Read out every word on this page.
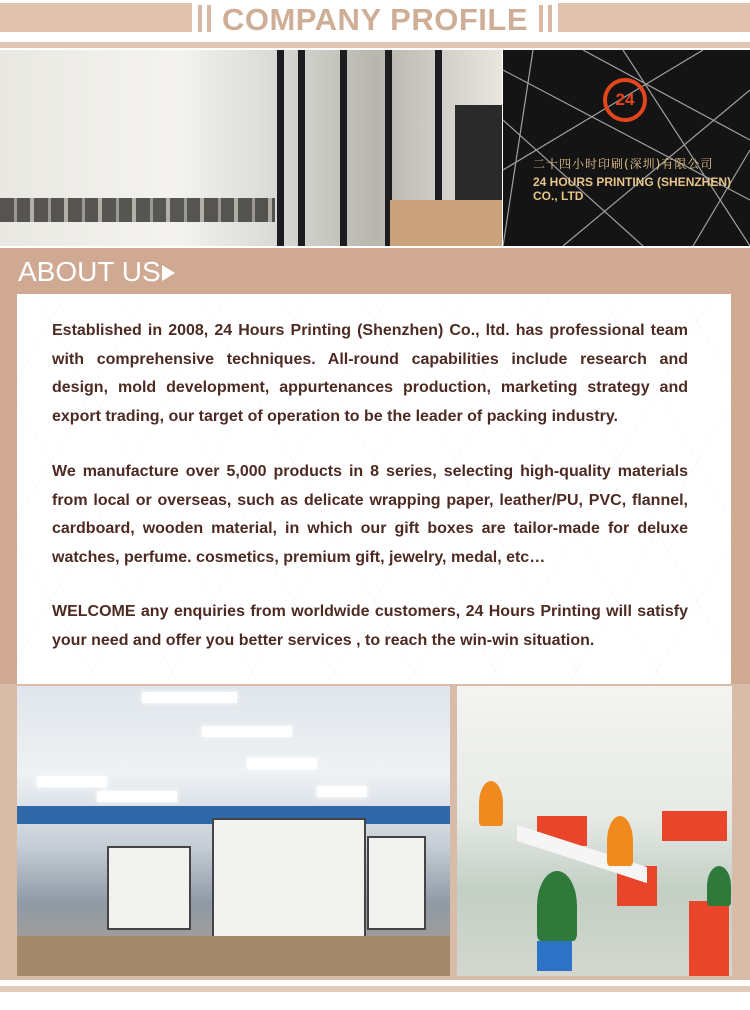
COMPANY PROFILE
24
二十四小时印刷(深圳)有限公司
24 HOURS PRINTING (SHENZHEN) CO., LTD
ABOUT US
Established in 2008, 24 Hours Printing (Shenzhen) Co., ltd. has professional team with comprehensive techniques. All-round capabilities include research and design, mold development, appurtenances production, marketing strategy and export trading, our target of operation to be the leader of packing industry.
We manufacture over 5,000 products in 8 series, selecting high-quality materials from local or overseas, such as delicate wrapping paper, leather/PU, PVC, flannel, cardboard, wooden material, in which our gift boxes are tailor-made for deluxe watches, perfume. cosmetics, premium gift, jewelry, medal, etc…
WELCOME any enquiries from worldwide customers, 24 Hours Printing will satisfy your need and offer you better services , to reach the win-win situation.
